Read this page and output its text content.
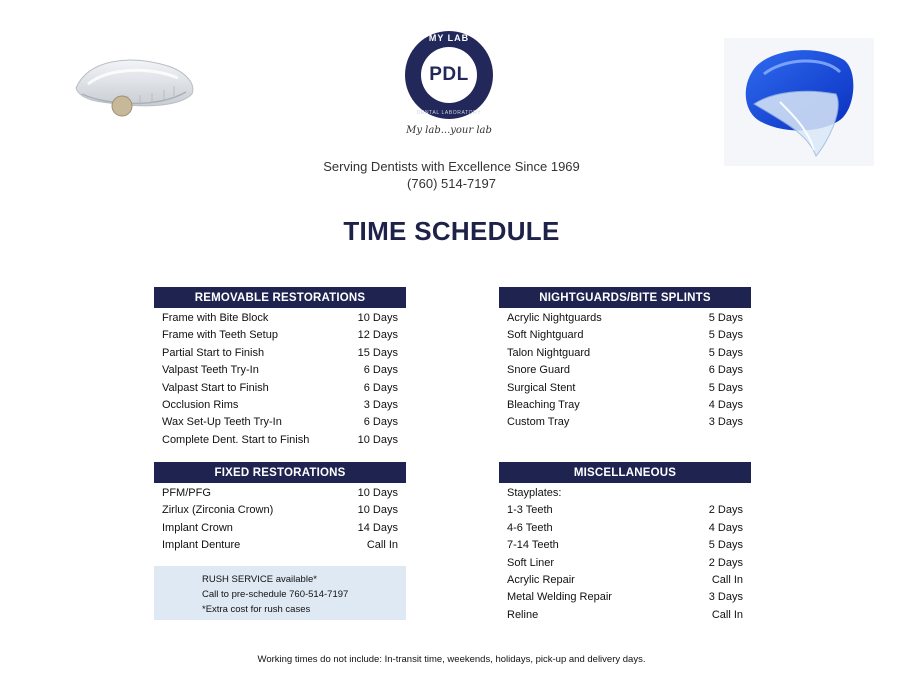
MY LAB
PDL
DENTAL LABORATORY
My lab...your lab
Serving Dentists with Excellence Since 1969
(760) 514-7197
TIME SCHEDULE
REMOVABLE RESTORATIONS
Frame with Bite Block	10 Days
Frame with Teeth Setup	12 Days
Partial Start to Finish	15 Days
Valpast Teeth Try-In	6 Days
Valpast Start to Finish	6 Days
Occlusion Rims	3 Days
Wax Set-Up Teeth Try-In	6 Days
Complete Dent. Start to Finish	10 Days
NIGHTGUARDS/BITE SPLINTS
Acrylic Nightguards	5 Days
Soft Nightguard	5 Days
Talon Nightguard	5 Days
Snore Guard	6 Days
Surgical Stent	5 Days
Bleaching Tray	4 Days
Custom Tray	3 Days
FIXED RESTORATIONS
PFM/PFG	10 Days
Zirlux (Zirconia Crown)	10 Days
Implant Crown	14 Days
Implant Denture	Call In
MISCELLANEOUS
Stayplates:
1-3 Teeth	2 Days
4-6 Teeth	4 Days
7-14 Teeth	5 Days
Soft Liner	2 Days
Acrylic Repair	Call In
Metal Welding Repair	3 Days
Reline	Call In
RUSH SERVICE available*
Call to pre-schedule 760-514-7197
*Extra cost for rush cases
Working times do not include: In-transit time, weekends, holidays, pick-up and delivery days.
